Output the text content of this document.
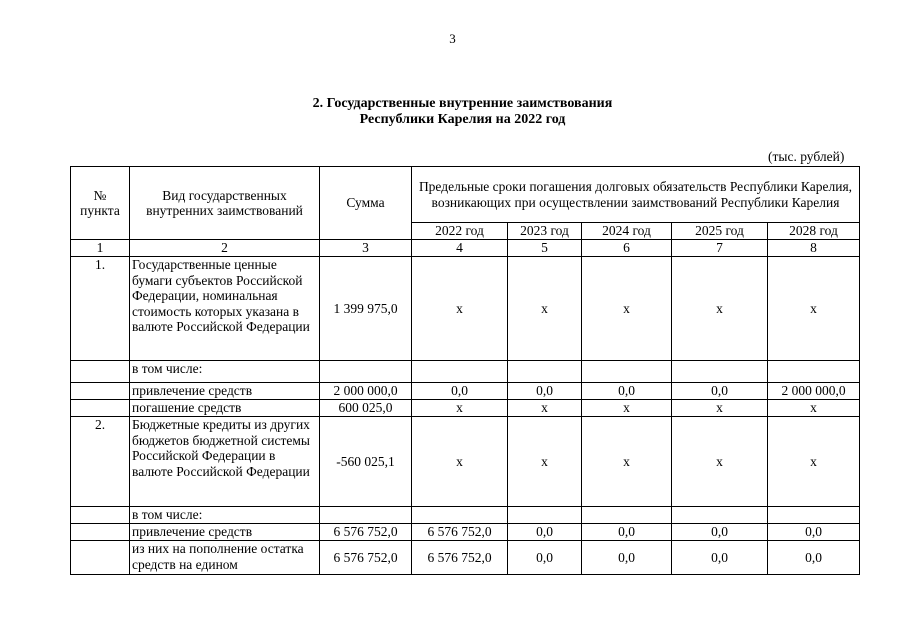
3
2. Государственные внутренние заимствования
Республики Карелия на 2022 год
(тыс. рублей)
№ пункта	Вид государственных внутренних заимствований	Сумма	Предельные сроки погашения долговых обязательств Республики Карелия, возникающих при осуществлении заимствований Республики Карелия				
			2022 год	2023 год	2024 год	2025 год	2028 год
1	2	3	4	5	6	7	8
1.	Государственные ценные бумаги субъектов Российской Федерации, номинальная стоимость которых указана в валюте Российской Федерации	1 399 975,0	х	х	х	х	х
	в том числе:						
	привлечение средств	2 000 000,0	0,0	0,0	0,0	0,0	2 000 000,0
	погашение средств	600 025,0	х	х	х	х	х
2.	Бюджетные кредиты из других бюджетов бюджетной системы Российской Федерации в валюте Российской Федерации	-560 025,1	х	х	х	х	х
	в том числе:						
	привлечение средств	6 576 752,0	6 576 752,0	0,0	0,0	0,0	0,0
	из них на пополнение остатка средств на едином	6 576 752,0	6 576 752,0	0,0	0,0	0,0	0,0
